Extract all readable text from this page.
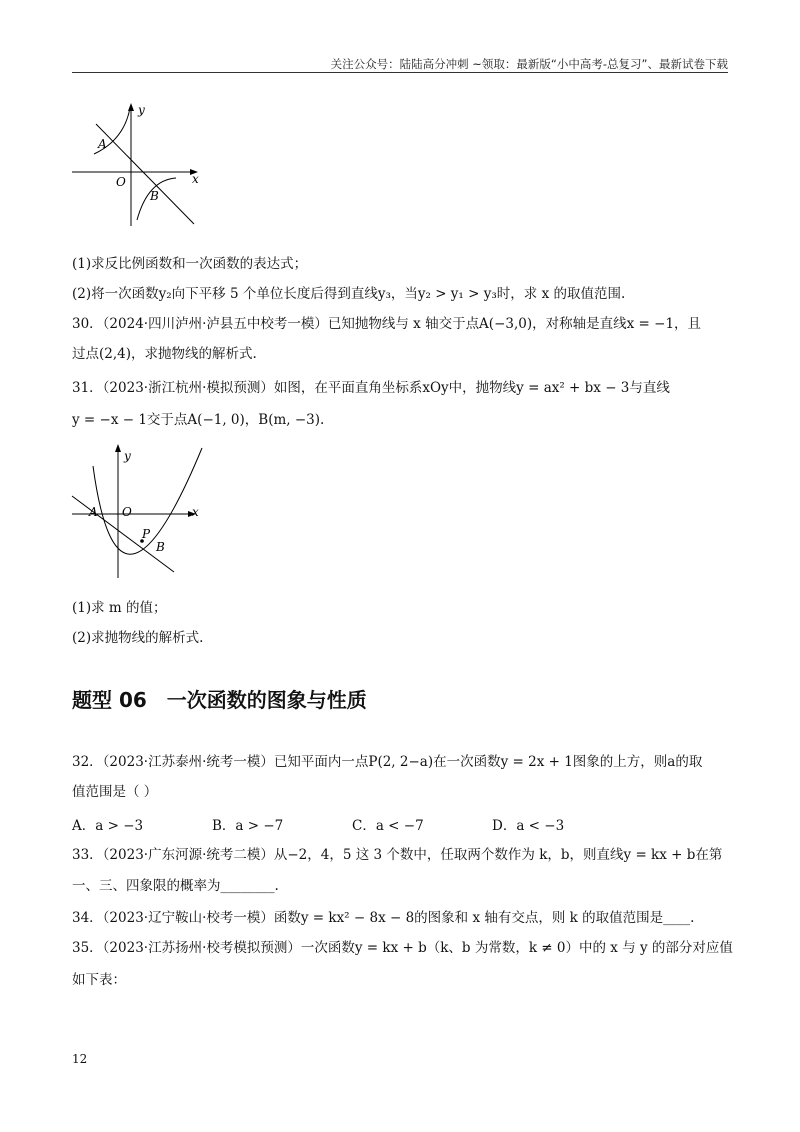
关注公众号：陆陆高分冲刺 ~领取：最新版“小中高考-总复习”、最新试卷下载
y
x
O
A
B
(1)求反比例函数和一次函数的表达式；
(2)将一次函数y₂向下平移 5 个单位长度后得到直线y₃，当y₂ > y₁ > y₃时，求 x 的取值范围.
30．（2024·四川泸州·泸县五中校考一模）已知抛物线与 x 轴交于点A(−3,0)，对称轴是直线x = −1，且
过点(2,4)，求抛物线的解析式.
31．（2023·浙江杭州·模拟预测）如图，在平面直角坐标系xOy中，抛物线y = ax² + bx − 3与直线
y = −x − 1交于点A(−1, 0)，B(m, −3).
y
x
O
A
P
B
(1)求 m 的值；
(2)求抛物线的解析式.
题型 06　一次函数的图象与性质
32．（2023·江苏泰州·统考一模）已知平面内一点P(2, 2−a)在一次函数y = 2x + 1图象的上方，则a的取
值范围是（ ）
A．a > −3	B．a > −7	C．a < −7	D．a < −3
33．（2023·广东河源·统考二模）从−2，4，5 这 3 个数中，任取两个数作为 k，b，则直线y = kx + b在第
一、三、四象限的概率为________.
34．（2023·辽宁鞍山·校考一模）函数y = kx² − 8x − 8的图象和 x 轴有交点，则 k 的取值范围是____.
35．（2023·江苏扬州·校考模拟预测）一次函数y = kx + b（k、b 为常数，k ≠ 0）中的 x 与 y 的部分对应值
如下表：
12
